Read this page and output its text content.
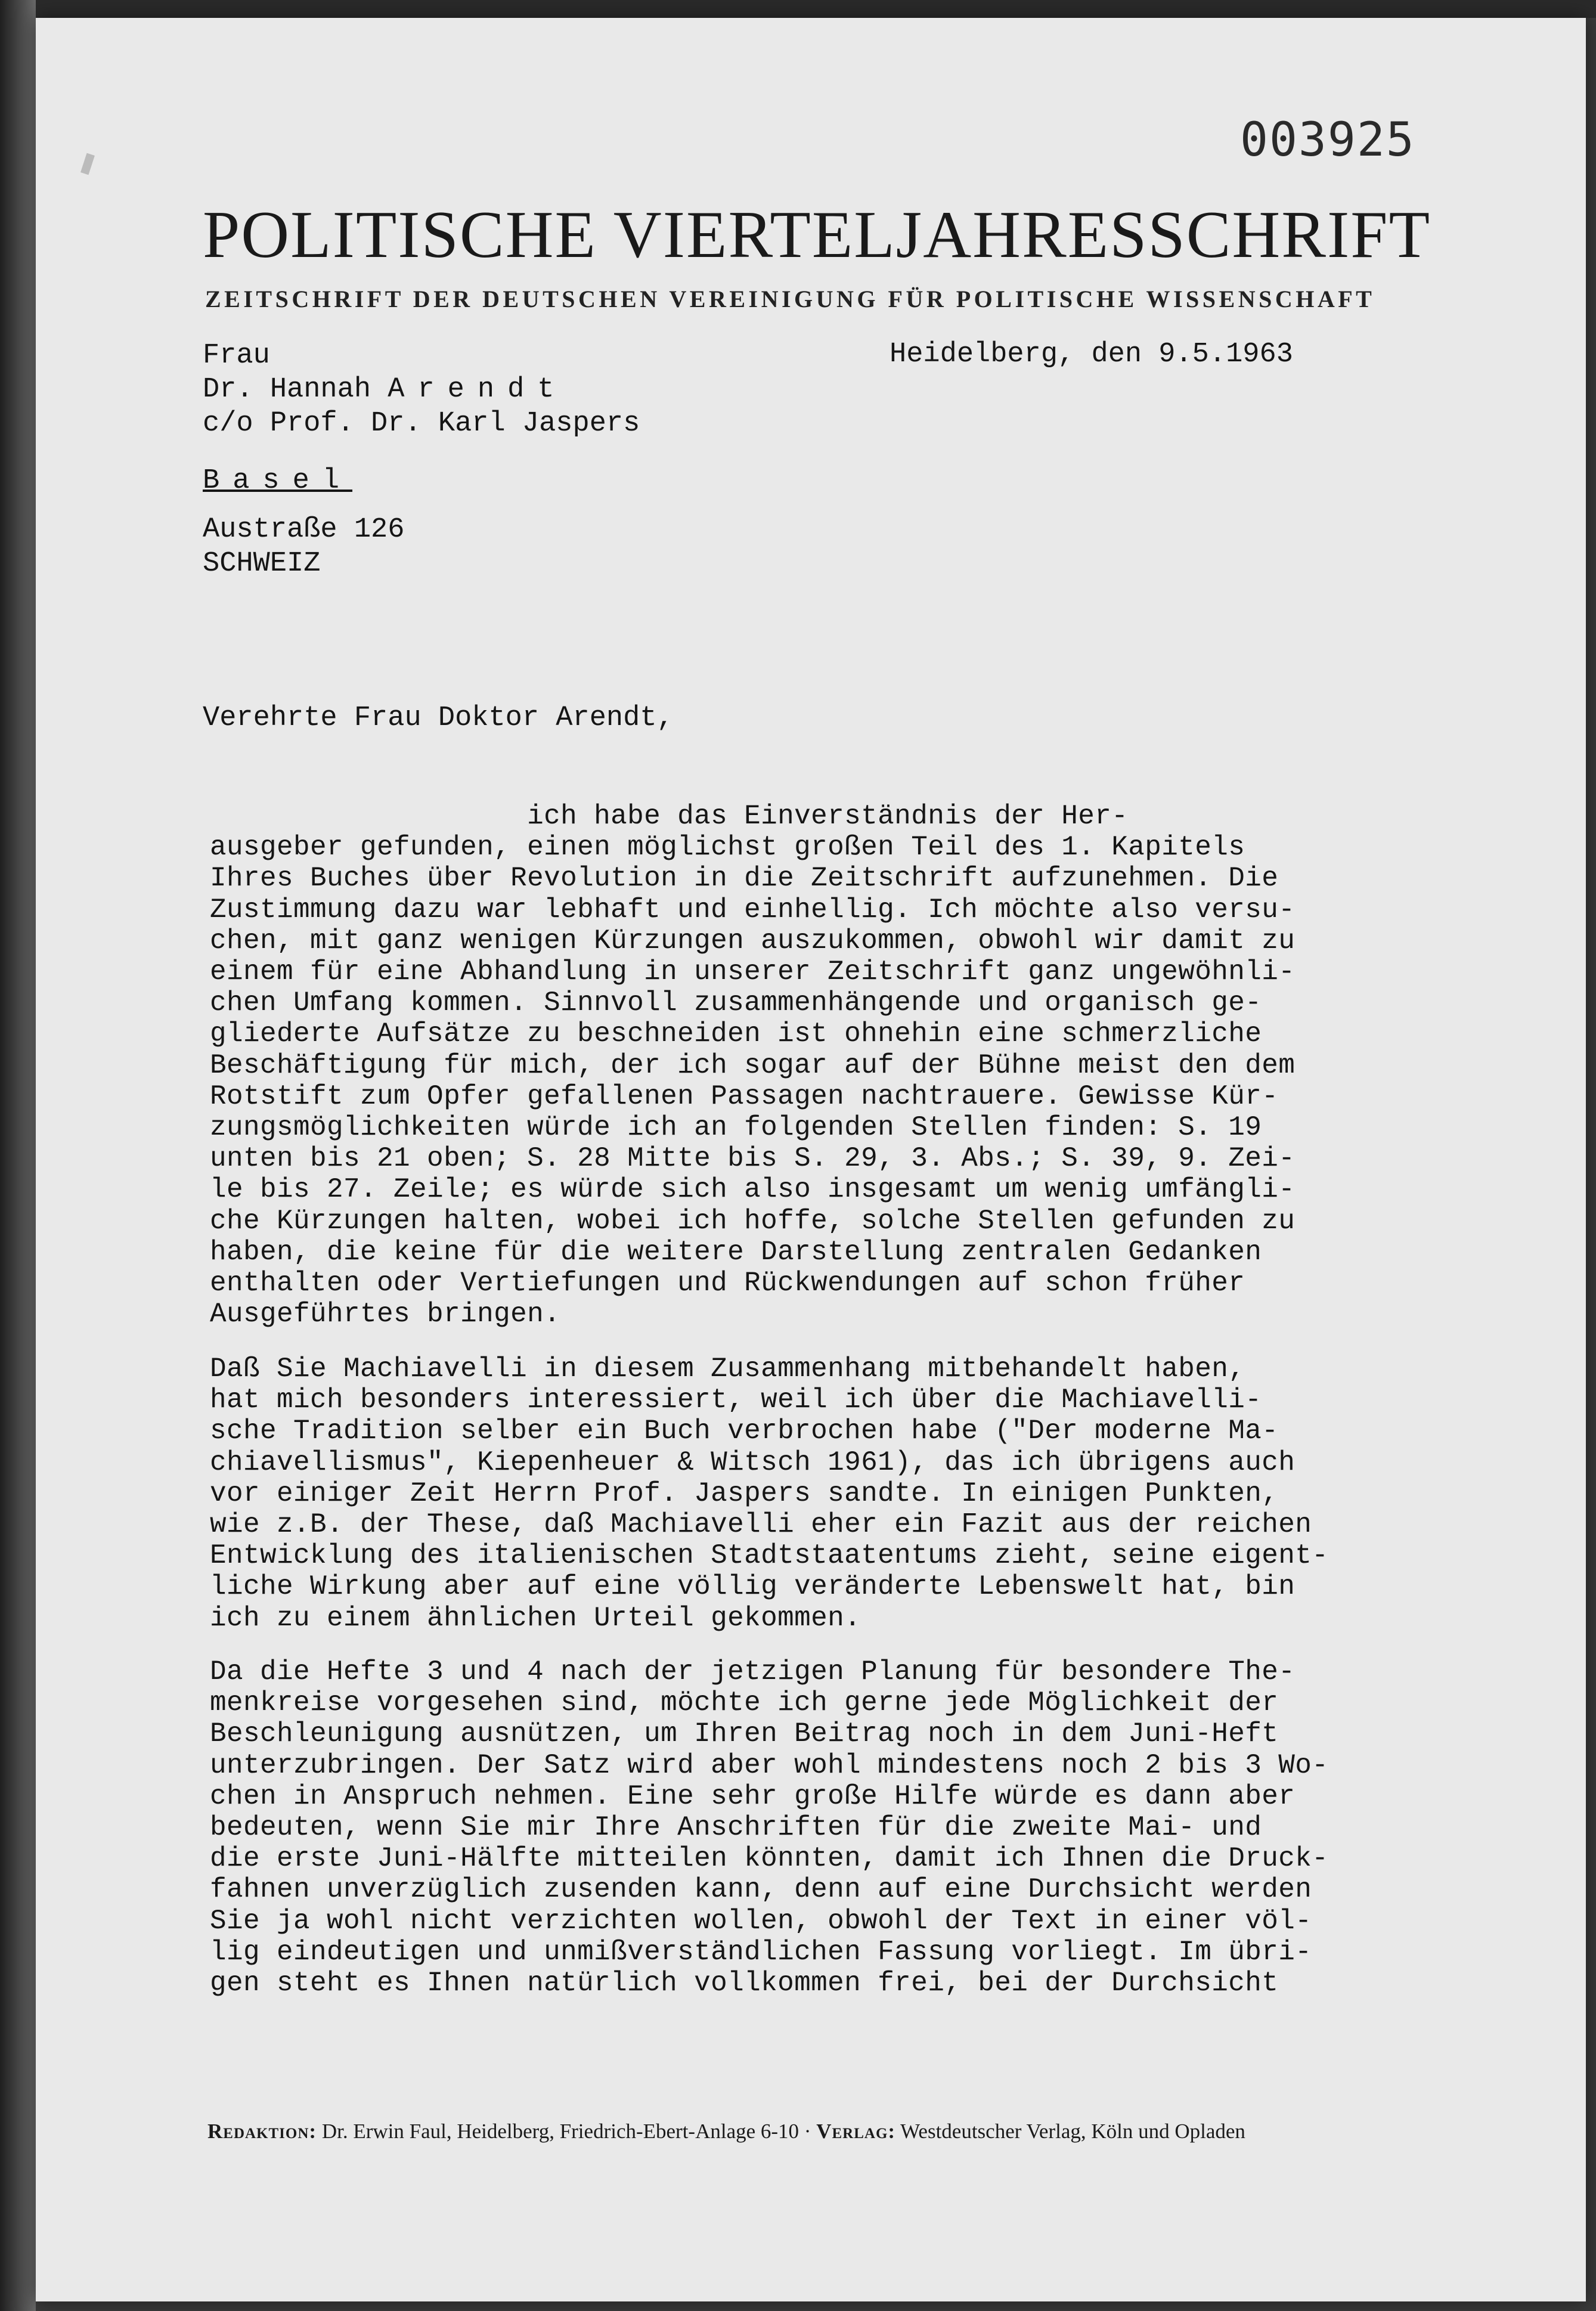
003925
POLITISCHE VIERTELJAHRESSCHRIFT
ZEITSCHRIFT DER DEUTSCHEN VEREINIGUNG FÜR POLITISCHE WISSENSCHAFT
Frau
Dr. Hannah Arendt
c/o Prof. Dr. Karl Jaspers
Basel
Austraße 126
SCHWEIZ
Heidelberg, den 9.5.1963
Verehrte Frau Doktor Arendt,
ich habe das Einverständnis der Her-
ausgeber gefunden, einen möglichst großen Teil des 1. Kapitels
Ihres Buches über Revolution in die Zeitschrift aufzunehmen. Die
Zustimmung dazu war lebhaft und einhellig. Ich möchte also versu-
chen, mit ganz wenigen Kürzungen auszukommen, obwohl wir damit zu
einem für eine Abhandlung in unserer Zeitschrift ganz ungewöhnli-
chen Umfang kommen. Sinnvoll zusammenhängende und organisch ge-
gliederte Aufsätze zu beschneiden ist ohnehin eine schmerzliche
Beschäftigung für mich, der ich sogar auf der Bühne meist den dem
Rotstift zum Opfer gefallenen Passagen nachtrauere. Gewisse Kür-
zungsmöglichkeiten würde ich an folgenden Stellen finden: S. 19
unten bis 21 oben; S. 28 Mitte bis S. 29, 3. Abs.; S. 39, 9. Zei-
le bis 27. Zeile; es würde sich also insgesamt um wenig umfängli-
che Kürzungen halten, wobei ich hoffe, solche Stellen gefunden zu
haben, die keine für die weitere Darstellung zentralen Gedanken
enthalten oder Vertiefungen und Rückwendungen auf schon früher
Ausgeführtes bringen.
Daß Sie Machiavelli in diesem Zusammenhang mitbehandelt haben,
hat mich besonders interessiert, weil ich über die Machiavelli-
sche Tradition selber ein Buch verbrochen habe ("Der moderne Ma-
chiavellismus", Kiepenheuer & Witsch 1961), das ich übrigens auch
vor einiger Zeit Herrn Prof. Jaspers sandte. In einigen Punkten,
wie z.B. der These, daß Machiavelli eher ein Fazit aus der reichen
Entwicklung des italienischen Stadtstaatentums zieht, seine eigent-
liche Wirkung aber auf eine völlig veränderte Lebenswelt hat, bin
ich zu einem ähnlichen Urteil gekommen.
Da die Hefte 3 und 4 nach der jetzigen Planung für besondere The-
menkreise vorgesehen sind, möchte ich gerne jede Möglichkeit der
Beschleunigung ausnützen, um Ihren Beitrag noch in dem Juni-Heft
unterzubringen. Der Satz wird aber wohl mindestens noch 2 bis 3 Wo-
chen in Anspruch nehmen. Eine sehr große Hilfe würde es dann aber
bedeuten, wenn Sie mir Ihre Anschriften für die zweite Mai- und
die erste Juni-Hälfte mitteilen könnten, damit ich Ihnen die Druck-
fahnen unverzüglich zusenden kann, denn auf eine Durchsicht werden
Sie ja wohl nicht verzichten wollen, obwohl der Text in einer völ-
lig eindeutigen und unmißverständlichen Fassung vorliegt. Im übri-
gen steht es Ihnen natürlich vollkommen frei, bei der Durchsicht
Redaktion: Dr. Erwin Faul, Heidelberg, Friedrich-Ebert-Anlage 6-10 · Verlag: Westdeutscher Verlag, Köln und Opladen
